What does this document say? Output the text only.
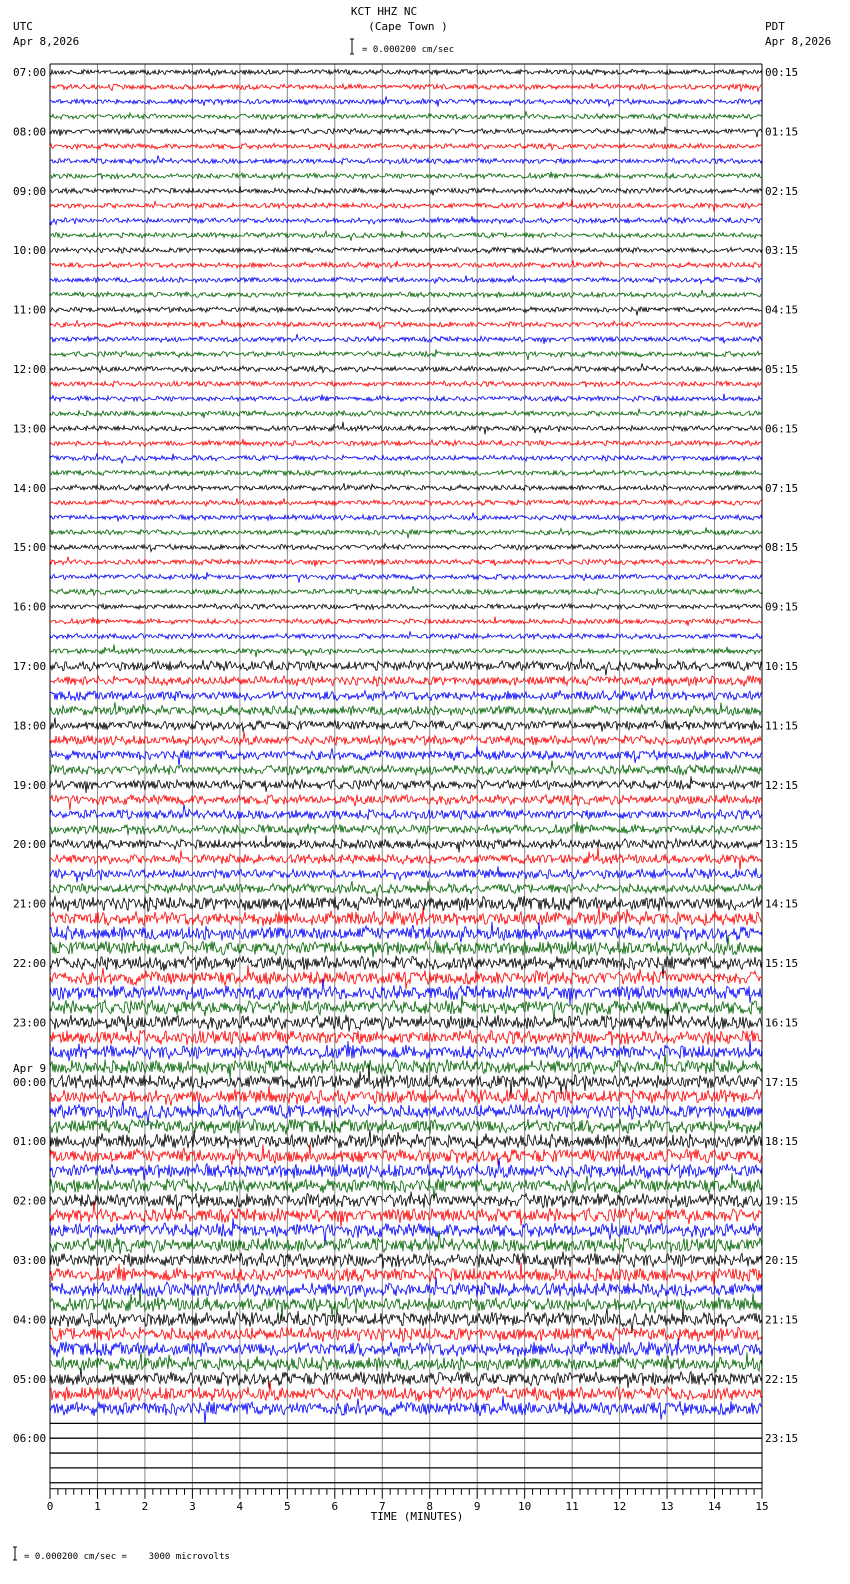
KCT HHZ NC
(Cape Town )
UTC
Apr 8,2026
PDT
Apr 8,2026
= 0.000200 cm/sec
07:00
08:00
09:00
10:00
11:00
12:00
13:00
14:00
15:00
16:00
17:00
18:00
19:00
20:00
21:00
22:00
23:00
00:00
01:00
02:00
03:00
04:00
05:00
06:00
00:15
01:15
02:15
03:15
04:15
05:15
06:15
07:15
08:15
09:15
10:15
11:15
12:15
13:15
14:15
15:15
16:15
17:15
18:15
19:15
20:15
21:15
22:15
23:15
Apr 9
0	1	2	3	4	5	6	7	8	9	10	11	12	13	14	15
TIME (MINUTES)
= 0.000200 cm/sec =    3000 microvolts
